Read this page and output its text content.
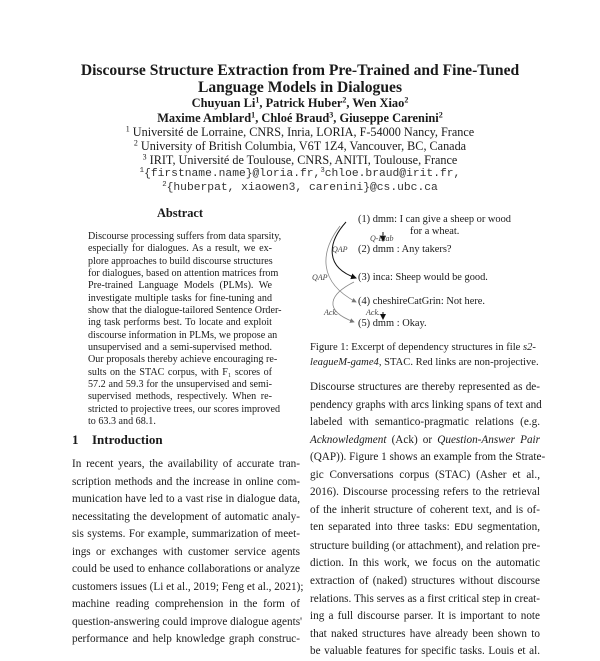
Discourse Structure Extraction from Pre-Trained and Fine-Tuned
Language Models in Dialogues
Chuyuan Li$^1$, Patrick Huber$^2$, Wen Xiao$^2$
Maxime Amblard$^1$, Chloé Braud$^3$, Giuseppe Carenini$^2$
$^1$ Université de Lorraine, CNRS, Inria, LORIA, F-54000 Nancy, France
$^2$ University of British Columbia, V6T 1Z4, Vancouver, BC, Canada
$^3$ IRIT, Université de Toulouse, CNRS, ANITI, Toulouse, France
$^1${firstname.name}@loria.fr,$^3$chloe.braud@irit.fr,
$^2${huberpat, xiaowen3, carenini}@cs.ubc.ca
Abstract
Discourse processing suffers from data sparsity,
especially for dialogues. As a result, we ex-
plore approaches to build discourse structures
for dialogues, based on attention matrices from
Pre-trained Language Models (PLMs). We
investigate multiple tasks for fine-tuning and
show that the dialogue-tailored Sentence Order-
ing task performs best. To locate and exploit
discourse information in PLMs, we propose an
unsupervised and a semi-supervised method.
Our proposals thereby achieve encouraging re-
sults on the STAC corpus, with F₁ scores of
57.2 and 59.3 for the unsupervised and semi-
supervised methods, respectively. When re-
stricted to projective trees, our scores improved
to 63.3 and 68.1.
1 Introduction
In recent years, the availability of accurate tran-
scription methods and the increase in online com-
munication have led to a vast rise in dialogue data,
necessitating the development of automatic analy-
sis systems. For example, summarization of meet-
ings or exchanges with customer service agents
could be used to enhance collaborations or analyze
customers issues (Li et al., 2019; Feng et al., 2021);
machine reading comprehension in the form of
question-answering could improve dialogue agents'
performance and help knowledge graph construc-
(1) dmm: I can give a sheep or wood
for a wheat.
Q-Elab
(2) dmm : Any takers?
QAP
(3) inca: Sheep would be good.
QAP
(4) cheshireCatGrin: Not here.
Ack.	Ack.
(5) dmm : Okay.
Figure 1: Excerpt of dependency structures in file s2-
leagueM-game4, STAC. Red links are non-projective.
Discourse structures are thereby represented as de-
pendency graphs with arcs linking spans of text and
labeled with semantico-pragmatic relations (e.g.
Acknowledgment (Ack) or Question-Answer Pair
(QAP)). Figure 1 shows an example from the Strate-
gic Conversations corpus (STAC) (Asher et al.,
2016). Discourse processing refers to the retrieval
of the inherit structure of coherent text, and is of-
ten separated into three tasks: EDU segmentation,
structure building (or attachment), and relation pre-
diction. In this work, we focus on the automatic
extraction of (naked) structures without discourse
relations. This serves as a first critical step in creat-
ing a full discourse parser. It is important to note
that naked structures have already been shown to
be valuable features for specific tasks. Louis et al.
